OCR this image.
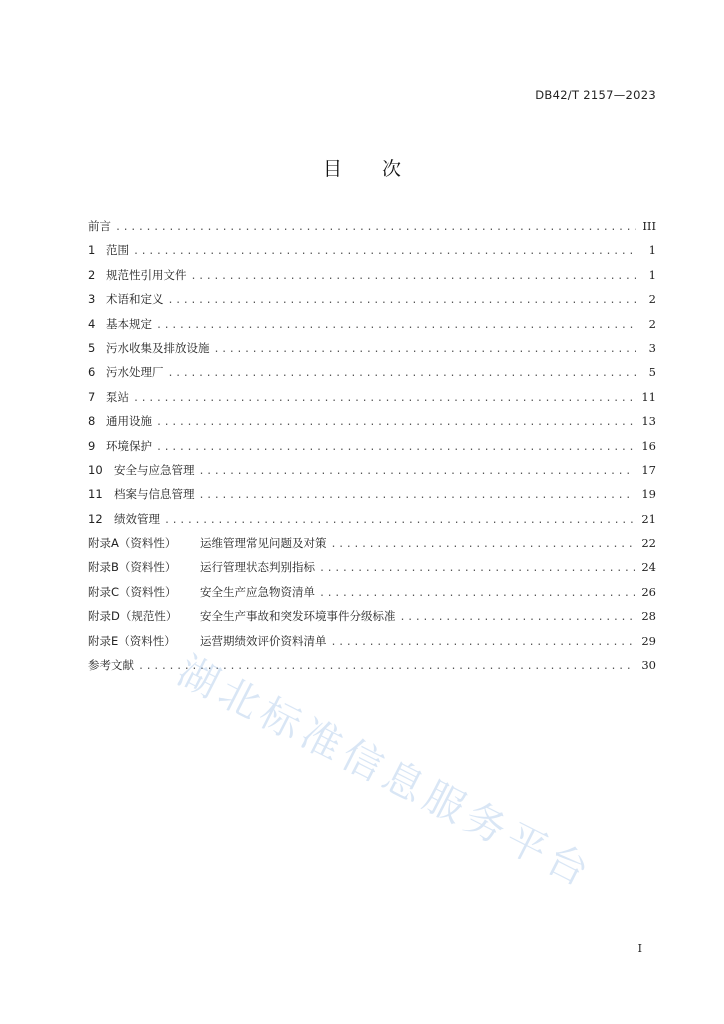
DB42/T 2157—2023
目 次
前言 .....	III
1 范围 .....	1
2 规范性引用文件 .....	1
3 术语和定义 .....	2
4 基本规定 .....	2
5 污水收集及排放设施 .....	3
6 污水处理厂 .....	5
7 泵站 .....	11
8 通用设施 .....	13
9 环境保护 .....	16
10 安全与应急管理 .....	17
11 档案与信息管理 .....	19
12 绩效管理 .....	21
附录A（资料性） 运维管理常见问题及对策 .....	22
附录B（资料性） 运行管理状态判别指标 .....	24
附录C（资料性） 安全生产应急物资清单 .....	26
附录D（规范性） 安全生产事故和突发环境事件分级标准 .....	28
附录E（资料性） 运营期绩效评价资料清单 .....	29
参考文献 .....	30
湖北标准信息服务平台
I
